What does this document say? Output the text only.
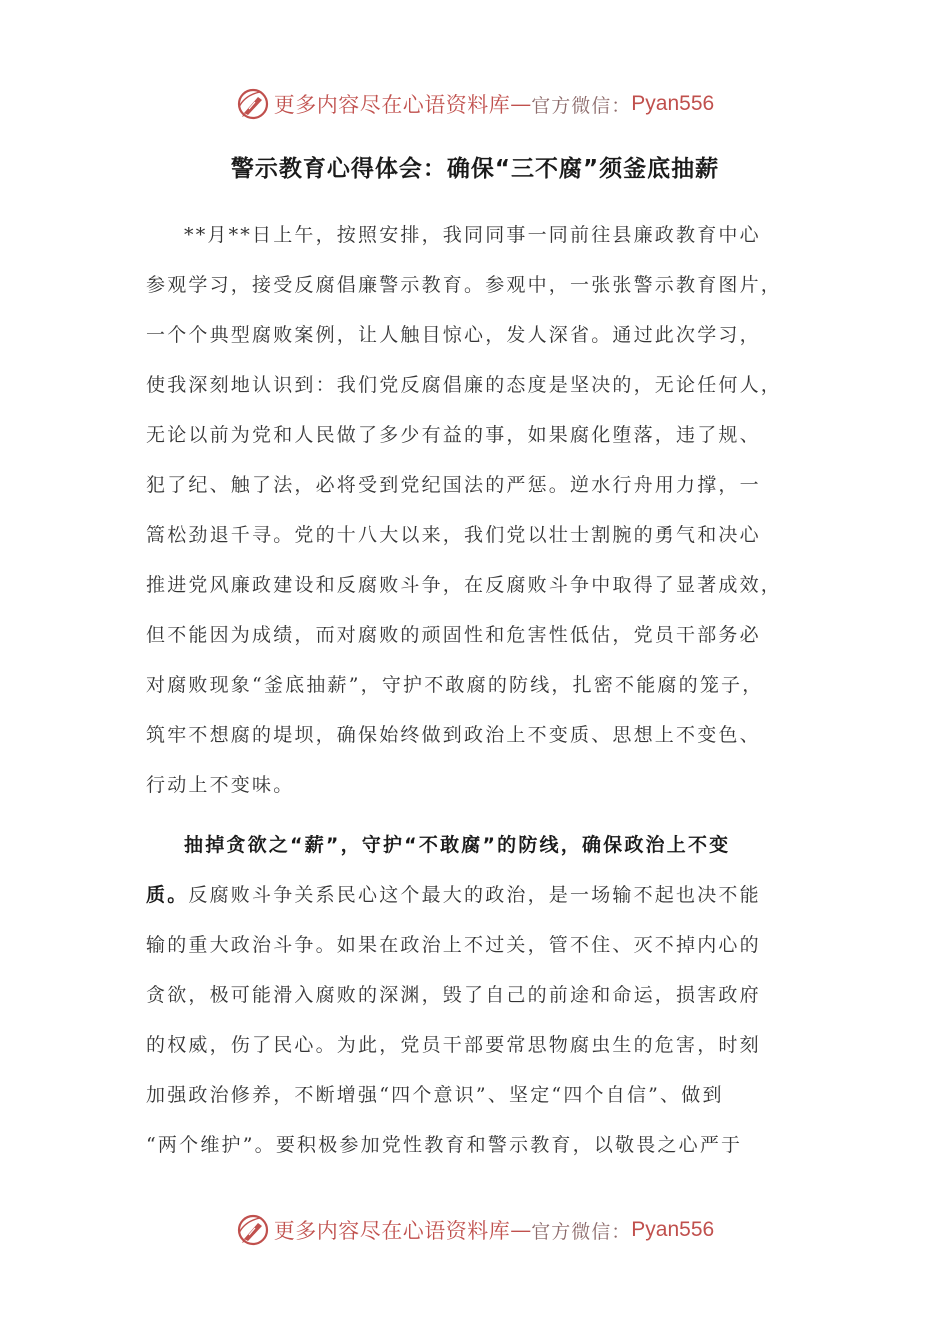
更多内容尽在心语资料库 — 官方微信： Pyan556
警示教育心得体会：确保“三不腐”须釜底抽薪
**月**日上午，按照安排，我同同事一同前往县廉政教育中心
参观学习，接受反腐倡廉警示教育。参观中，一张张警示教育图片，
一个个典型腐败案例，让人触目惊心，发人深省。通过此次学习，
使我深刻地认识到：我们党反腐倡廉的态度是坚决的，无论任何人，
无论以前为党和人民做了多少有益的事，如果腐化堕落，违了规、
犯了纪、触了法，必将受到党纪国法的严惩。逆水行舟用力撑，一
篙松劲退千寻。党的十八大以来，我们党以壮士割腕的勇气和决心
推进党风廉政建设和反腐败斗争，在反腐败斗争中取得了显著成效，
但不能因为成绩，而对腐败的顽固性和危害性低估，党员干部务必
对腐败现象“釜底抽薪”，守护不敢腐的防线，扎密不能腐的笼子，
筑牢不想腐的堤坝，确保始终做到政治上不变质、思想上不变色、
行动上不变味。
抽掉贪欲之“薪”，守护“不敢腐”的防线，确保政治上不变
质。反腐败斗争关系民心这个最大的政治，是一场输不起也决不能
输的重大政治斗争。如果在政治上不过关，管不住、灭不掉内心的
贪欲，极可能滑入腐败的深渊，毁了自己的前途和命运，损害政府
的权威，伤了民心。为此，党员干部要常思物腐虫生的危害，时刻
加强政治修养，不断增强“四个意识”、坚定“四个自信”、做到
“两个维护”。要积极参加党性教育和警示教育，以敬畏之心严于
更多内容尽在心语资料库 — 官方微信： Pyan556
